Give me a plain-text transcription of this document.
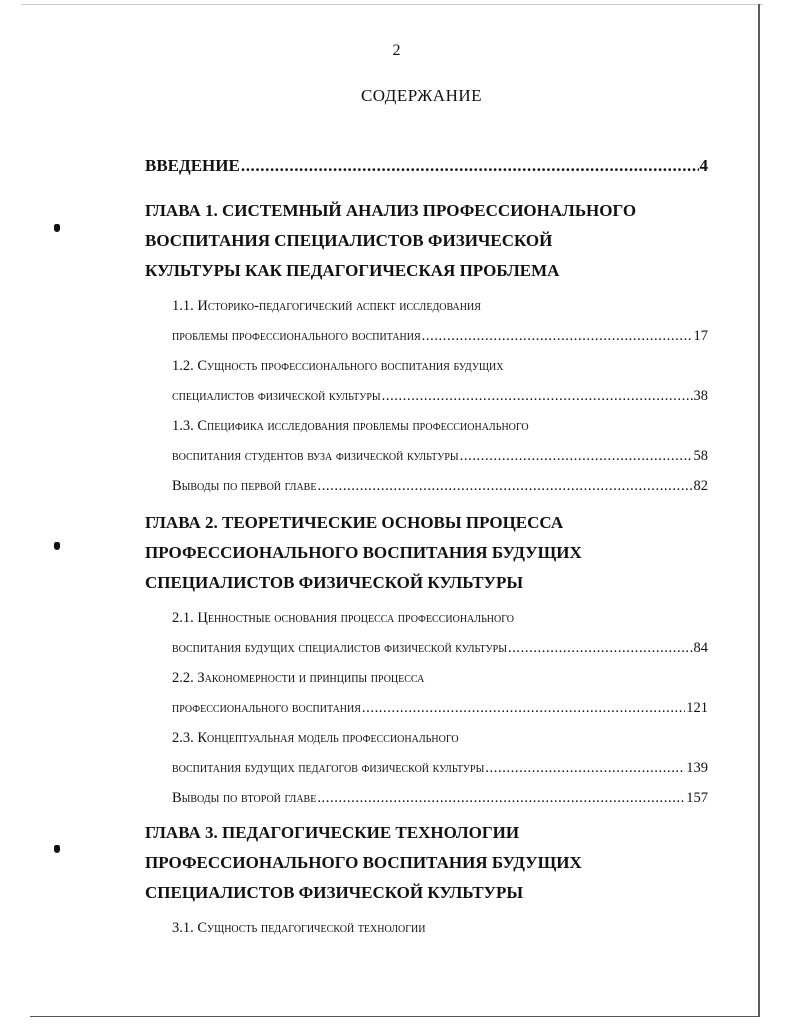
2
СОДЕРЖАНИЕ
ВВЕДЕНИЕ .....	4
ГЛАВА 1. СИСТЕМНЫЙ АНАЛИЗ ПРОФЕССИОНАЛЬНОГО
ВОСПИТАНИЯ СПЕЦИАЛИСТОВ ФИЗИЧЕСКОЙ
КУЛЬТУРЫ КАК ПЕДАГОГИЧЕСКАЯ ПРОБЛЕМА
1.1. Историко-педагогический аспект исследования
проблемы профессионального воспитания .....	17
1.2. Сущность профессионального воспитания будущих
специалистов физической культуры .....	38
1.3. Специфика исследования проблемы профессионального
воспитания студентов вуза физической культуры .....	58
Выводы по первой главе .....	82
ГЛАВА 2. ТЕОРЕТИЧЕСКИЕ ОСНОВЫ ПРОЦЕССА
ПРОФЕССИОНАЛЬНОГО ВОСПИТАНИЯ БУДУЩИХ
СПЕЦИАЛИСТОВ ФИЗИЧЕСКОЙ КУЛЬТУРЫ
2.1. Ценностные основания процесса профессионального
воспитания будущих специалистов физической культуры .....	84
2.2. Закономерности и принципы процесса
профессионального воспитания .....	121
2.3. Концептуальная модель профессионального
воспитания будущих педагогов физической культуры .....	139
Выводы по второй главе .....	157
ГЛАВА 3. ПЕДАГОГИЧЕСКИЕ ТЕХНОЛОГИИ
ПРОФЕССИОНАЛЬНОГО ВОСПИТАНИЯ БУДУЩИХ
СПЕЦИАЛИСТОВ ФИЗИЧЕСКОЙ КУЛЬТУРЫ
3.1. Сущность педагогической технологии
